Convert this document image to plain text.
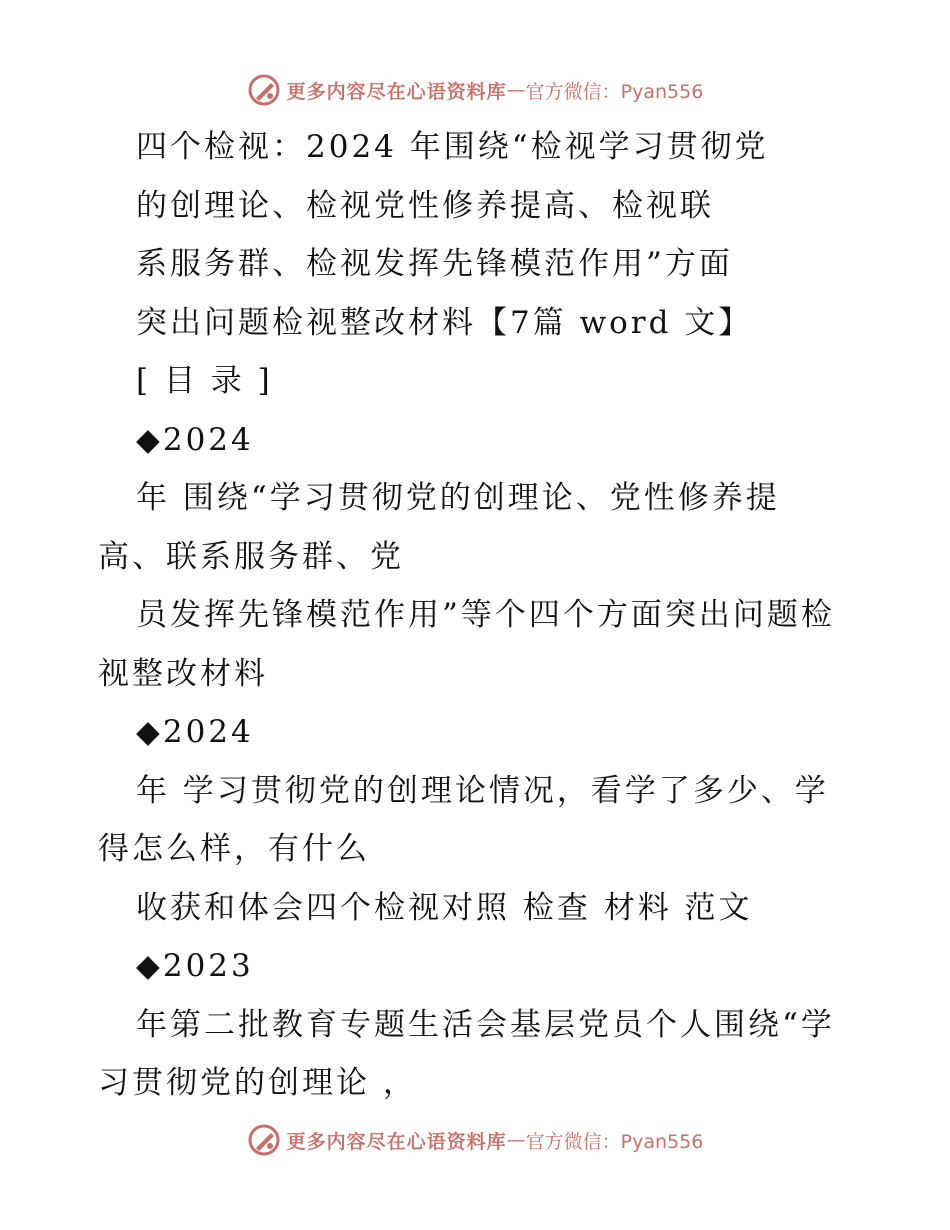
更多内容尽在心语资料库 — 官方微信：Pyan556
四个检视：2024 年围绕“检视学习贯彻党
的创理论、检视党性修养提高、检视联
系服务群、检视发挥先锋模范作用”方面
突出问题检视整改材料【7篇 word 文】
[ 目 录 ]
◆2024
年 围绕“学习贯彻党的创理论、党性修养提
高、联系服务群、党
员发挥先锋模范作用”等个四个方面突出问题检
视整改材料
◆2024
年 学习贯彻党的创理论情况，看学了多少、学
得怎么样，有什么
收获和体会四个检视对照 检查 材料 范文
◆2023
年第二批教育专题生活会基层党员个人围绕“学
习贯彻党的创理论 ，
更多内容尽在心语资料库 — 官方微信：Pyan556
